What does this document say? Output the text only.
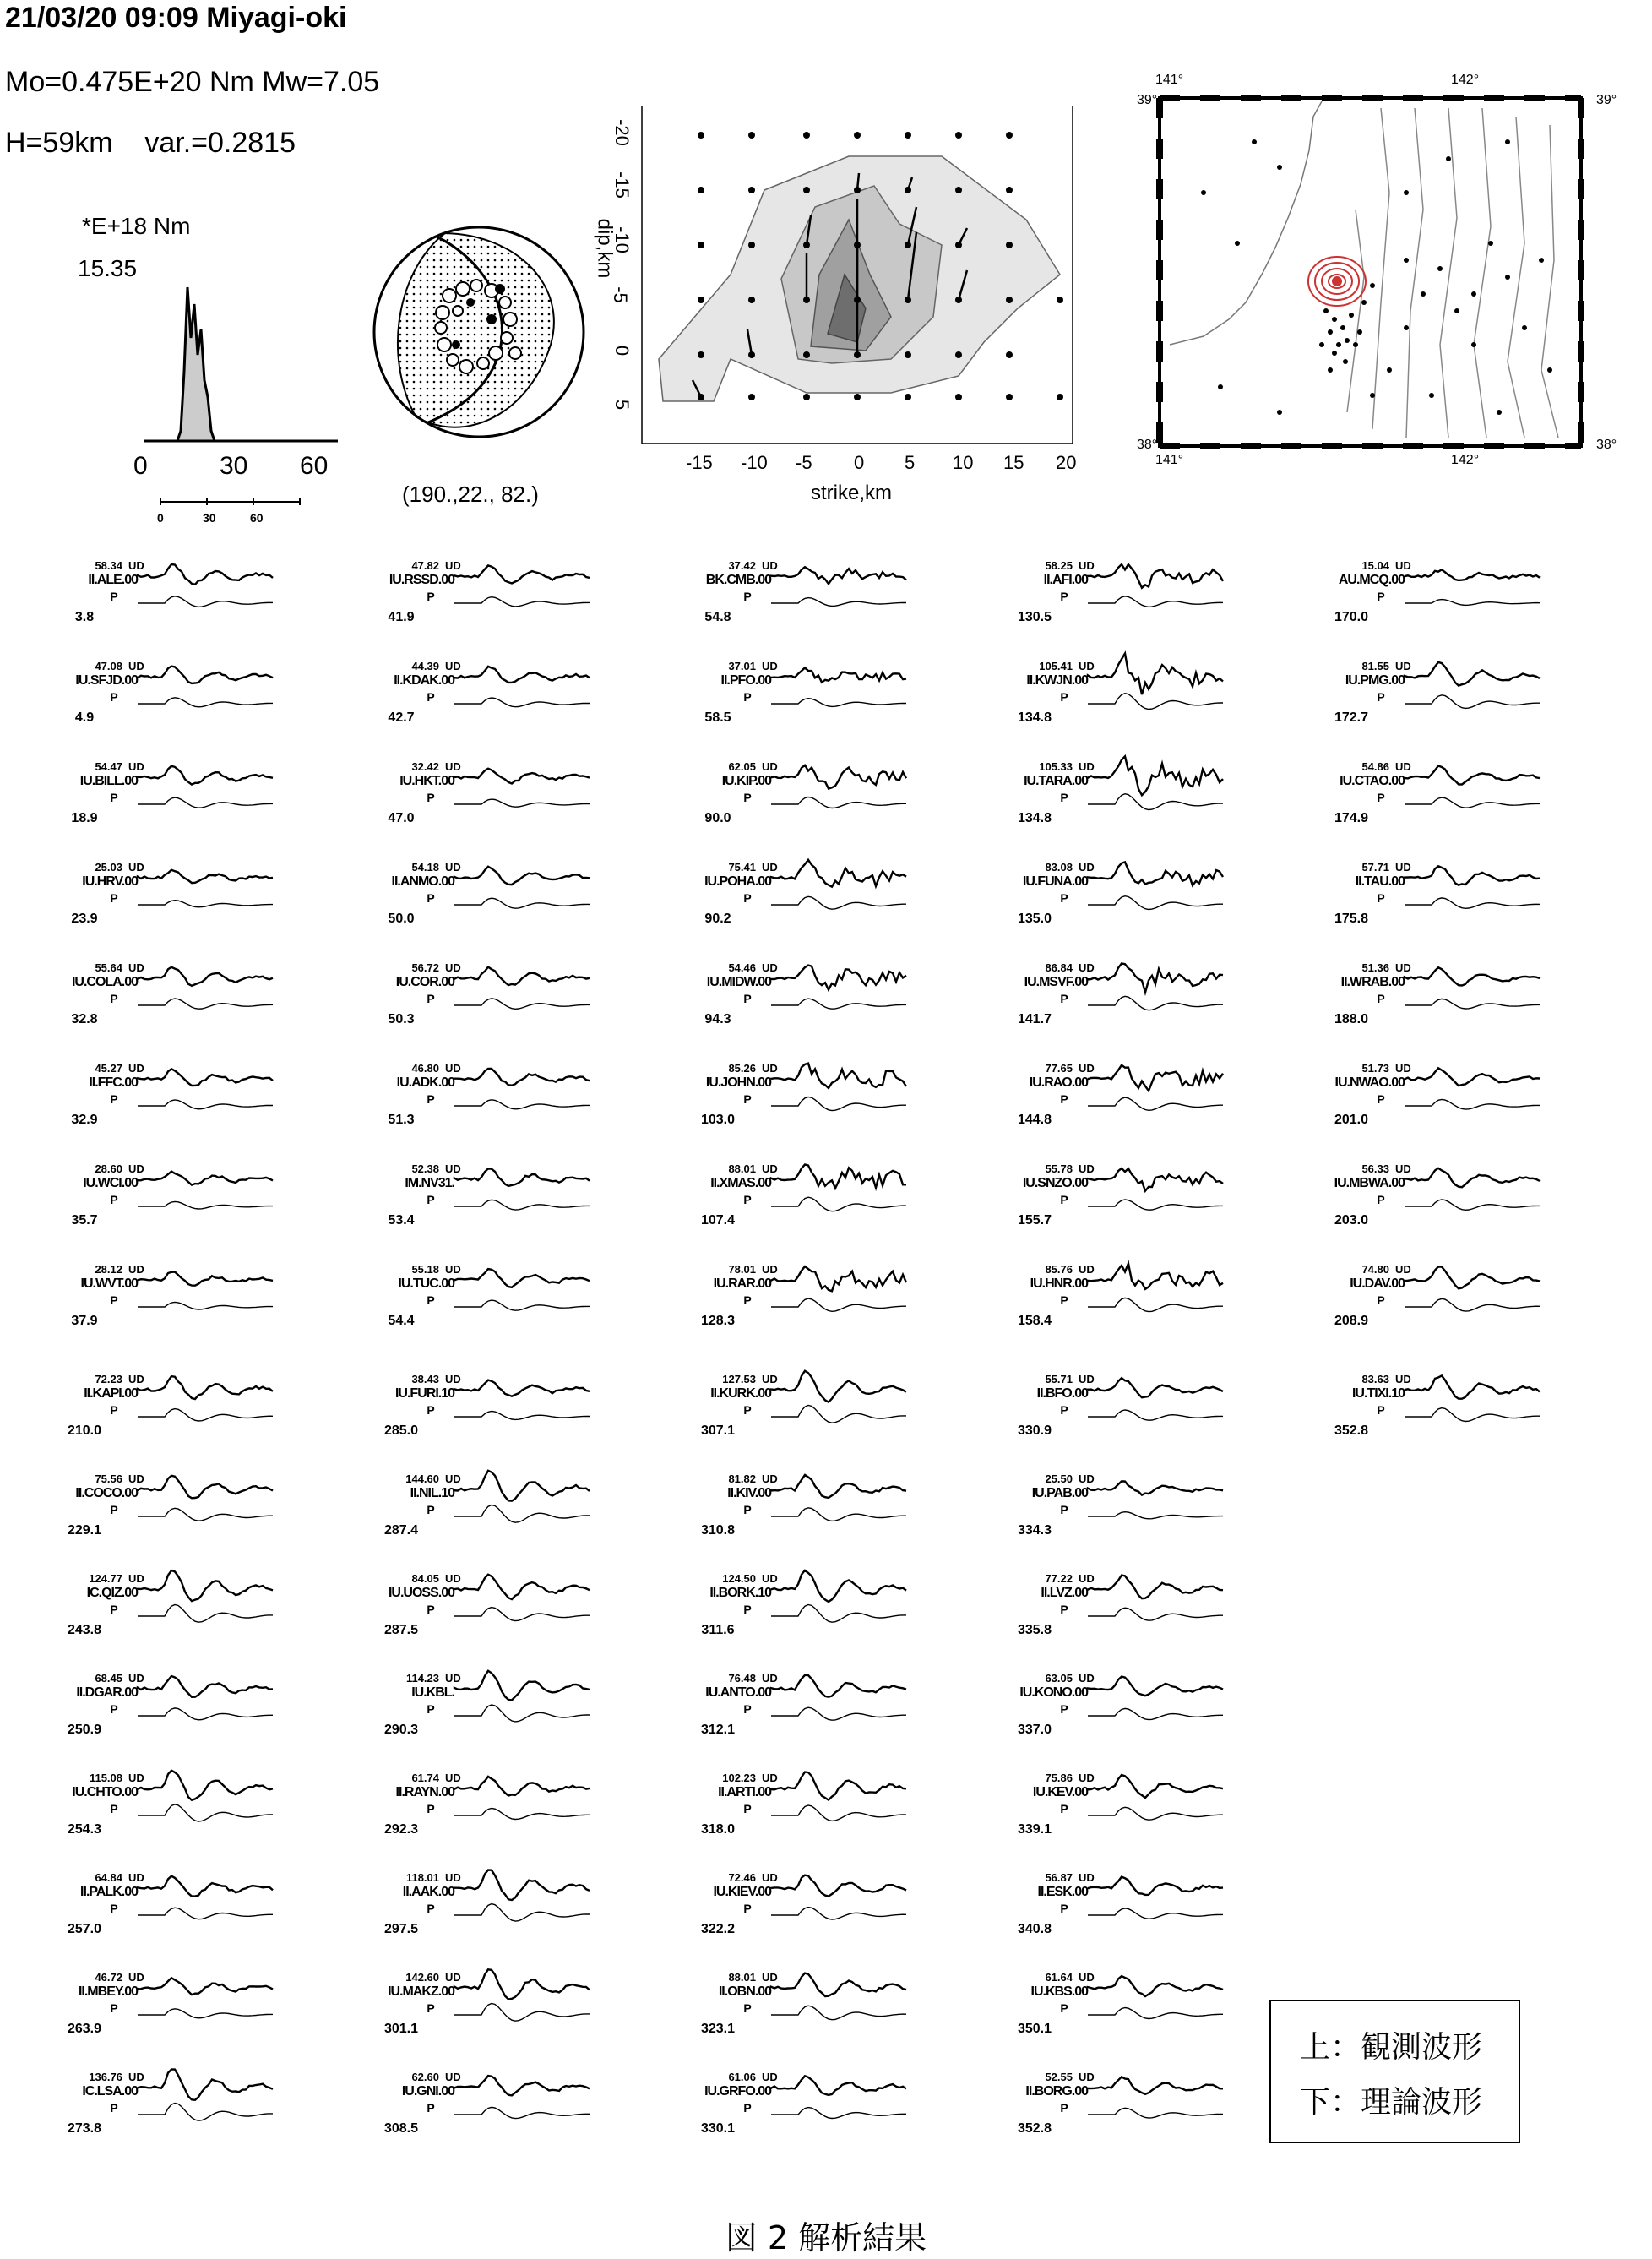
21/03/20 09:09 Miyagi-oki
Mo=0.475E+20 Nm Mw=7.05
H=59km    var.=0.2815
*E+18 Nm
15.35
0	30 60
0	30	60
(190.,22., 82.)
-20
-15
-10
-5
0
5
dip,km
-15 -10 -5 0 5 10 15 20
strike,km
141°	142°
39°	39°
38°	38°
141°	142°
58.34 UD
II.ALE.00
P
3.8
47.82 UD
IU.RSSD.00
P
41.9
37.42 UD
BK.CMB.00
P
54.8
58.25 UD
II.AFI.00
P
130.5
15.04 UD
AU.MCQ.00
P
170.0
47.08 UD
IU.SFJD.00
P
4.9
44.39 UD
II.KDAK.00
P
42.7
37.01 UD
II.PFO.00
P
58.5
105.41 UD
II.KWJN.00
P
134.8
81.55 UD
IU.PMG.00
P
172.7
54.47 UD
IU.BILL.00
P
18.9
32.42 UD
IU.HKT.00
P
47.0
62.05 UD
IU.KIP.00
P
90.0
105.33 UD
IU.TARA.00
P
134.8
54.86 UD
IU.CTAO.00
P
174.9
25.03 UD
IU.HRV.00
P
23.9
54.18 UD
II.ANMO.00
P
50.0
75.41 UD
IU.POHA.00
P
90.2
83.08 UD
IU.FUNA.00
P
135.0
57.71 UD
II.TAU.00
P
175.8
55.64 UD
IU.COLA.00
P
32.8
56.72 UD
IU.COR.00
P
50.3
54.46 UD
IU.MIDW.00
P
94.3
86.84 UD
IU.MSVF.00
P
141.7
51.36 UD
II.WRAB.00
P
188.0
45.27 UD
II.FFC.00
P
32.9
46.80 UD
IU.ADK.00
P
51.3
85.26 UD
IU.JOHN.00
P
103.0
77.65 UD
IU.RAO.00
P
144.8
51.73 UD
IU.NWAO.00
P
201.0
28.60 UD
IU.WCI.00
P
35.7
52.38 UD
IM.NV31.
P
53.4
88.01 UD
II.XMAS.00
P
107.4
55.78 UD
IU.SNZO.00
P
155.7
56.33 UD
IU.MBWA.00
P
203.0
28.12 UD
IU.WVT.00
P
37.9
55.18 UD
IU.TUC.00
P
54.4
78.01 UD
IU.RAR.00
P
128.3
85.76 UD
IU.HNR.00
P
158.4
74.80 UD
IU.DAV.00
P
208.9
72.23 UD
II.KAPI.00
P
210.0
38.43 UD
IU.FURI.10
P
285.0
127.53 UD
II.KURK.00
P
307.1
55.71 UD
II.BFO.00
P
330.9
83.63 UD
IU.TIXI.10
P
352.8
75.56 UD
II.COCO.00
P
229.1
144.60 UD
II.NIL.10
P
287.4
81.82 UD
II.KIV.00
P
310.8
25.50 UD
IU.PAB.00
P
334.3
124.77 UD
IC.QIZ.00
P
243.8
84.05 UD
IU.UOSS.00
P
287.5
124.50 UD
II.BORK.10
P
311.6
77.22 UD
II.LVZ.00
P
335.8
68.45 UD
II.DGAR.00
P
250.9
114.23 UD
IU.KBL.
P
290.3
76.48 UD
IU.ANTO.00
P
312.1
63.05 UD
IU.KONO.00
P
337.0
115.08 UD
IU.CHTO.00
P
254.3
61.74 UD
II.RAYN.00
P
292.3
102.23 UD
II.ARTI.00
P
318.0
75.86 UD
IU.KEV.00
P
339.1
64.84 UD
II.PALK.00
P
257.0
118.01 UD
II.AAK.00
P
297.5
72.46 UD
IU.KIEV.00
P
322.2
56.87 UD
II.ESK.00
P
340.8
46.72 UD
II.MBEY.00
P
263.9
142.60 UD
IU.MAKZ.00
P
301.1
88.01 UD
II.OBN.00
P
323.1
61.64 UD
IU.KBS.00
P
350.1
136.76 UD
IC.LSA.00
P
273.8
62.60 UD
IU.GNI.00
P
308.5
61.06 UD
IU.GRFO.00
P
330.1
52.55 UD
II.BORG.00
P
352.8
上：観測波形
下：理論波形
図 2 解析結果
